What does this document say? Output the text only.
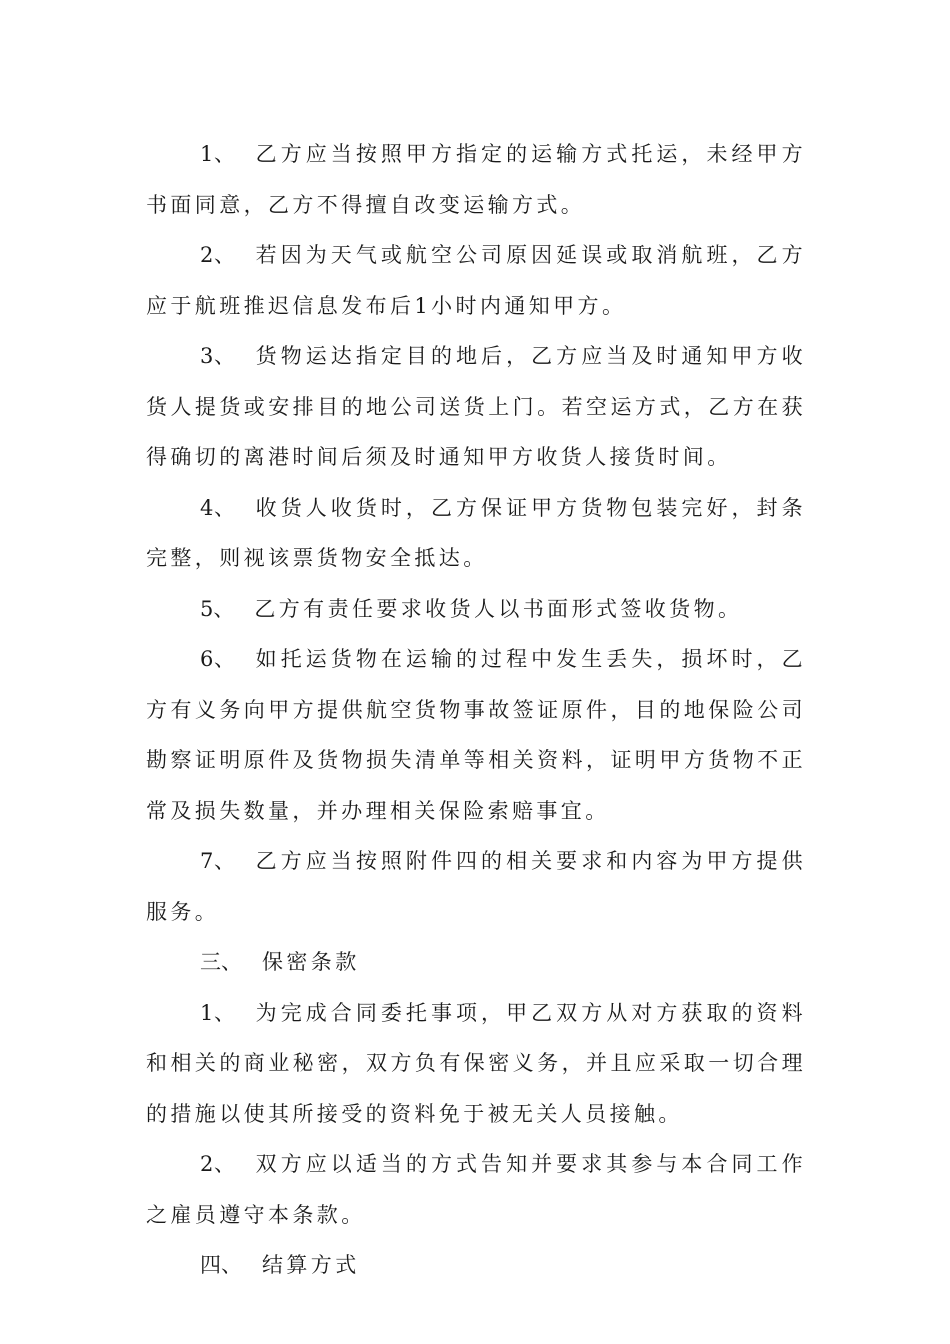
1、 乙方应当按照甲方指定的运输方式托运，未经甲方书面同意，乙方不得擅自改变运输方式。

2、 若因为天气或航空公司原因延误或取消航班，乙方应于航班推迟信息发布后1小时内通知甲方。

3、 货物运达指定目的地后，乙方应当及时通知甲方收货人提货或安排目的地公司送货上门。若空运方式，乙方在获得确切的离港时间后须及时通知甲方收货人接货时间。

4、 收货人收货时，乙方保证甲方货物包装完好，封条完整，则视该票货物安全抵达。

5、 乙方有责任要求收货人以书面形式签收货物。

6、 如托运货物在运输的过程中发生丢失，损坏时，乙方有义务向甲方提供航空货物事故签证原件，目的地保险公司勘察证明原件及货物损失清单等相关资料，证明甲方货物不正常及损失数量，并办理相关保险索赔事宜。

7、 乙方应当按照附件四的相关要求和内容为甲方提供服务。

三、 保密条款

1、 为完成合同委托事项，甲乙双方从对方获取的资料和相关的商业秘密，双方负有保密义务，并且应采取一切合理的措施以使其所接受的资料免于被无关人员接触。

2、 双方应以适当的方式告知并要求其参与本合同工作之雇员遵守本条款。

四、 结算方式
